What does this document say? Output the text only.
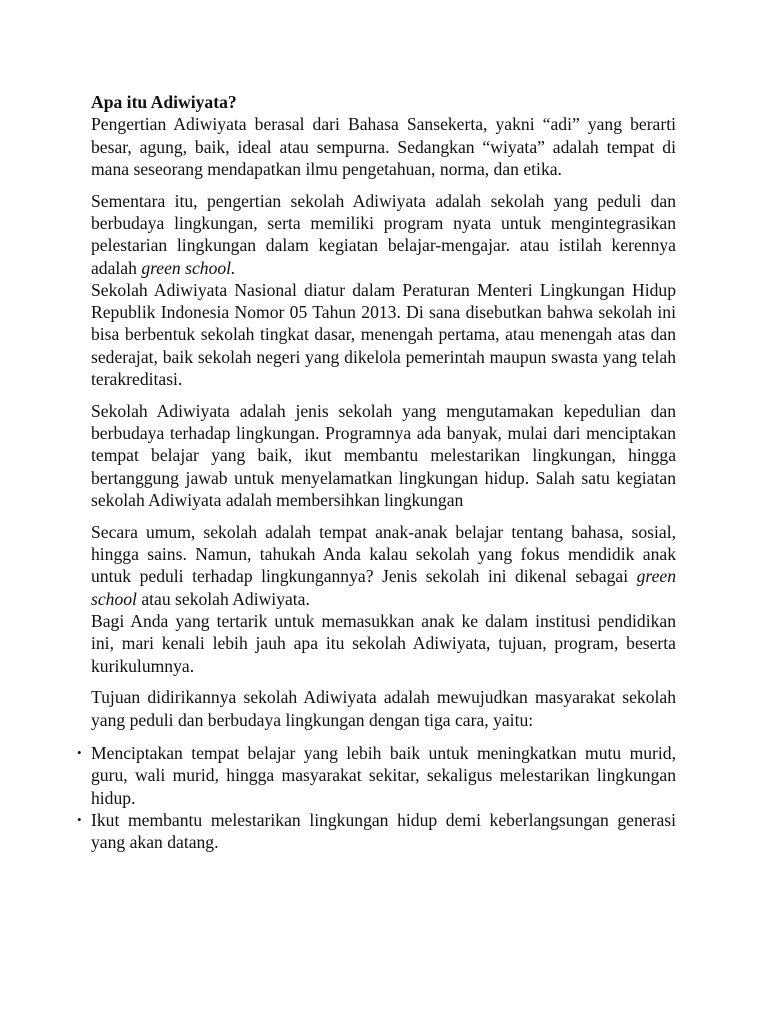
Apa itu Adiwiyata?

Pengertian Adiwiyata berasal dari Bahasa Sansekerta, yakni “adi” yang berarti besar, agung, baik, ideal atau sempurna. Sedangkan “wiyata” adalah tempat di mana seseorang mendapatkan ilmu pengetahuan, norma, dan etika.

Sementara itu, pengertian sekolah Adiwiyata adalah sekolah yang peduli dan berbudaya lingkungan, serta memiliki program nyata untuk mengintegrasikan pelestarian lingkungan dalam kegiatan belajar-mengajar. atau istilah kerennya adalah green school.

Sekolah Adiwiyata Nasional diatur dalam Peraturan Menteri Lingkungan Hidup Republik Indonesia Nomor 05 Tahun 2013. Di sana disebutkan bahwa sekolah ini bisa berbentuk sekolah tingkat dasar, menengah pertama, atau menengah atas dan sederajat, baik sekolah negeri yang dikelola pemerintah maupun swasta yang telah terakreditasi.

Sekolah Adiwiyata adalah jenis sekolah yang mengutamakan kepedulian dan berbudaya terhadap lingkungan. Programnya ada banyak, mulai dari menciptakan tempat belajar yang baik, ikut membantu melestarikan lingkungan, hingga bertanggung jawab untuk menyelamatkan lingkungan hidup. Salah satu kegiatan sekolah Adiwiyata adalah membersihkan lingkungan

Secara umum, sekolah adalah tempat anak-anak belajar tentang bahasa, sosial, hingga sains. Namun, tahukah Anda kalau sekolah yang fokus mendidik anak untuk peduli terhadap lingkungannya? Jenis sekolah ini dikenal sebagai green school atau sekolah Adiwiyata.

Bagi Anda yang tertarik untuk memasukkan anak ke dalam institusi pendidikan ini, mari kenali lebih jauh apa itu sekolah Adiwiyata, tujuan, program, beserta kurikulumnya.

Tujuan didirikannya sekolah Adiwiyata adalah mewujudkan masyarakat sekolah yang peduli dan berbudaya lingkungan dengan tiga cara, yaitu:

• Menciptakan tempat belajar yang lebih baik untuk meningkatkan mutu murid, guru, wali murid, hingga masyarakat sekitar, sekaligus melestarikan lingkungan hidup.
• Ikut membantu melestarikan lingkungan hidup demi keberlangsungan generasi yang akan datang.
